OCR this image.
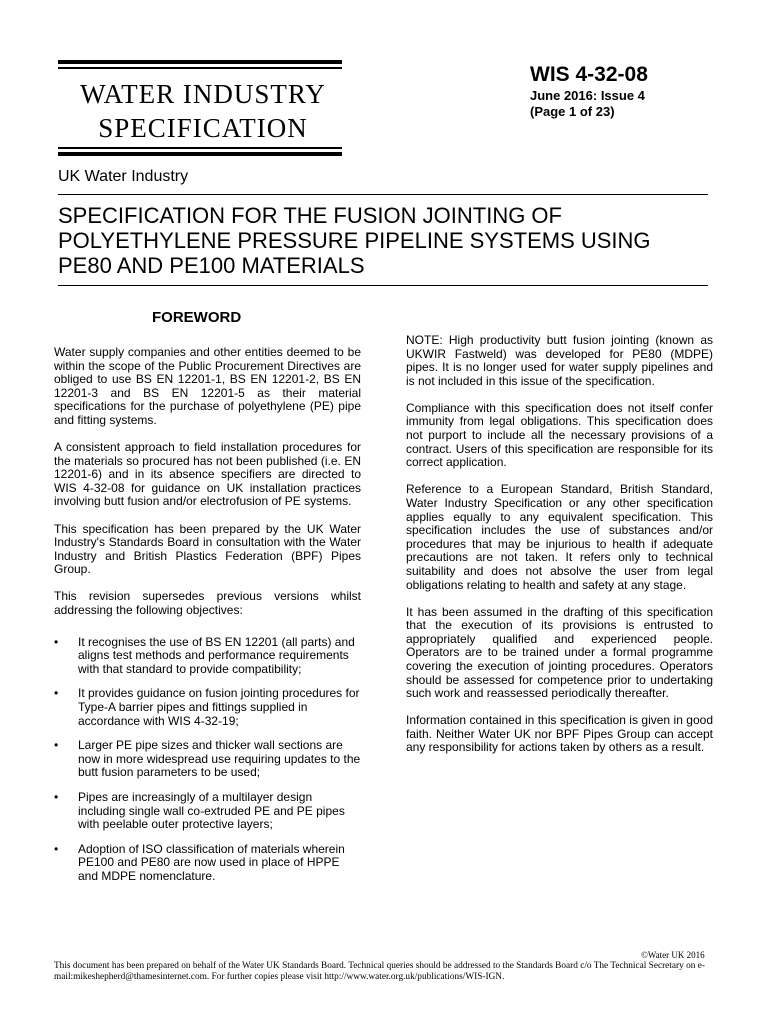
WATER INDUSTRY
SPECIFICATION
WIS 4-32-08
June 2016: Issue 4
(Page 1 of 23)
UK Water Industry
SPECIFICATION FOR THE FUSION JOINTING OF
POLYETHYLENE PRESSURE PIPELINE SYSTEMS USING
PE80 AND PE100 MATERIALS
FOREWORD

Water supply companies and other entities deemed to be within the scope of the Public Procurement Directives are obliged to use BS EN 12201-1, BS EN 12201-2, BS EN 12201-3 and BS EN 12201-5 as their material specifications for the purchase of polyethylene (PE) pipe and fitting systems.

A consistent approach to field installation procedures for the materials so procured has not been published (i.e. EN 12201-6) and in its absence specifiers are directed to WIS 4-32-08 for guidance on UK installation practices involving butt fusion and/or electrofusion of PE systems.

This specification has been prepared by the UK Water Industry's Standards Board in consultation with the Water Industry and British Plastics Federation (BPF) Pipes Group.

This revision supersedes previous versions whilst addressing the following objectives:

• It recognises the use of BS EN 12201 (all parts) and aligns test methods and performance requirements with that standard to provide compatibility;
• It provides guidance on fusion jointing procedures for Type-A barrier pipes and fittings supplied in accordance with WIS 4-32-19;
• Larger PE pipe sizes and thicker wall sections are now in more widespread use requiring updates to the butt fusion parameters to be used;
• Pipes are increasingly of a multilayer design including single wall co-extruded PE and PE pipes with peelable outer protective layers;
• Adoption of ISO classification of materials wherein PE100 and PE80 are now used in place of HPPE and MDPE nomenclature.

NOTE: High productivity butt fusion jointing (known as UKWIR Fastweld) was developed for PE80 (MDPE) pipes. It is no longer used for water supply pipelines and is not included in this issue of the specification.

Compliance with this specification does not itself confer immunity from legal obligations. This specification does not purport to include all the necessary provisions of a contract. Users of this specification are responsible for its correct application.

Reference to a European Standard, British Standard, Water Industry Specification or any other specification applies equally to any equivalent specification. This specification includes the use of substances and/or procedures that may be injurious to health if adequate precautions are not taken. It refers only to technical suitability and does not absolve the user from legal obligations relating to health and safety at any stage.

It has been assumed in the drafting of this specification that the execution of its provisions is entrusted to appropriately qualified and experienced people. Operators are to be trained under a formal programme covering the execution of jointing procedures. Operators should be assessed for competence prior to undertaking such work and reassessed periodically thereafter.

Information contained in this specification is given in good faith. Neither Water UK nor BPF Pipes Group can accept any responsibility for actions taken by others as a result.

©Water UK 2016
This document has been prepared on behalf of the Water UK Standards Board. Technical queries should be addressed to the Standards Board c/o The Technical Secretary on e-mail:mikeshepherd@thamesinternet.com. For further copies please visit http://www.water.org.uk/publications/WIS-IGN.
